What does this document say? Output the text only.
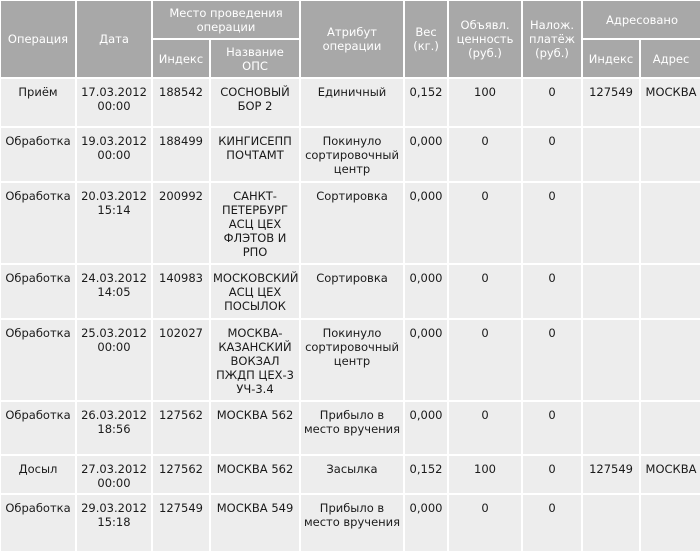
Операция	Дата	Место проведения операции		Атрибут операции	Вес (кг.)	Объявл. ценность (руб.)	Налож. платёж (руб.)	Адресовано	
		Индекс	Название ОПС					Индекс	Адрес
Приём	17.03.2012 00:00	188542	СОСНОВЫЙ БОР 2	Единичный	0,152	100	0	127549	МОСКВА
Обработка	19.03.2012 00:00	188499	КИНГИСЕПП ПОЧТАМТ	Покинуло сортировочный центр	0,000	0	0		
Обработка	20.03.2012 15:14	200992	САНКТ-ПЕТЕРБУРГ АСЦ ЦЕХ ФЛЭТОВ И РПО	Сортировка	0,000	0	0		
Обработка	24.03.2012 14:05	140983	МОСКОВСКИЙ АСЦ ЦЕХ ПОСЫЛОК	Сортировка	0,000	0	0		
Обработка	25.03.2012 00:00	102027	МОСКВА-КАЗАНСКИЙ ВОКЗАЛ ПЖДП ЦЕХ-3 УЧ-3.4	Покинуло сортировочный центр	0,000	0	0		
Обработка	26.03.2012 18:56	127562	МОСКВА 562	Прибыло в место вручения	0,000	0	0		
Досыл	27.03.2012 00:00	127562	МОСКВА 562	Засылка	0,152	100	0	127549	МОСКВА
Обработка	29.03.2012 15:18	127549	МОСКВА 549	Прибыло в место вручения	0,000	0	0		
